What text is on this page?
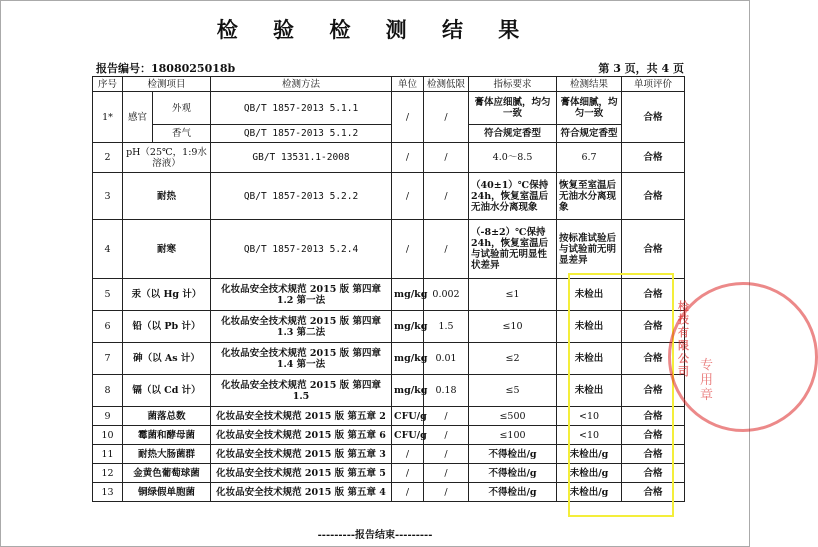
检 验 检 测 结 果
报告编号：1808025018b	第 3 页，共 4 页
序号	检测项目		检测方法	单位	检测低限	指标要求	检测结果	单项评价
1*	感官	外观	QB/T 1857-2013 5.1.1	/	/	膏体应细腻，均匀一致	膏体细腻，均匀一致	合格
		香气	QB/T 1857-2013 5.1.2			符合规定香型	符合规定香型	
2	pH（25℃，1:9水溶液）		GB/T 13531.1-2008	/	/	4.0～8.5	6.7	合格
3	耐热		QB/T 1857-2013 5.2.2	/	/	（40±1）℃保持24h，恢复室温后无油水分离现象	恢复至室温后无油水分离现象	合格
4	耐寒		QB/T 1857-2013 5.2.4	/	/	（-8±2）℃保持24h，恢复室温后与试验前无明显性状差异	按标准试验后与试验前无明显差异	合格
5	汞（以 Hg 计）		化妆品安全技术规范 2015 版 第四章 1.2 第一法	mg/kg	0.002	≤1	未检出	合格
6	铅（以 Pb 计）		化妆品安全技术规范 2015 版 第四章 1.3 第二法	mg/kg	1.5	≤10	未检出	合格
7	砷（以 As 计）		化妆品安全技术规范 2015 版 第四章 1.4 第一法	mg/kg	0.01	≤2	未检出	合格
8	镉（以 Cd 计）		化妆品安全技术规范 2015 版 第四章 1.5	mg/kg	0.18	≤5	未检出	合格
9	菌落总数		化妆品安全技术规范 2015 版 第五章 2	CFU/g	/	≤500	<10	合格
10	霉菌和酵母菌		化妆品安全技术规范 2015 版 第五章 6	CFU/g	/	≤100	<10	合格
11	耐热大肠菌群		化妆品安全技术规范 2015 版 第五章 3	/	/	不得检出/g	未检出/g	合格
12	金黄色葡萄球菌		化妆品安全技术规范 2015 版 第五章 5	/	/	不得检出/g	未检出/g	合格
13	铜绿假单胞菌		化妆品安全技术规范 2015 版 第五章 4	/	/	不得检出/g	未检出/g	合格
检技有限公司 专用章
---------报告结束---------
